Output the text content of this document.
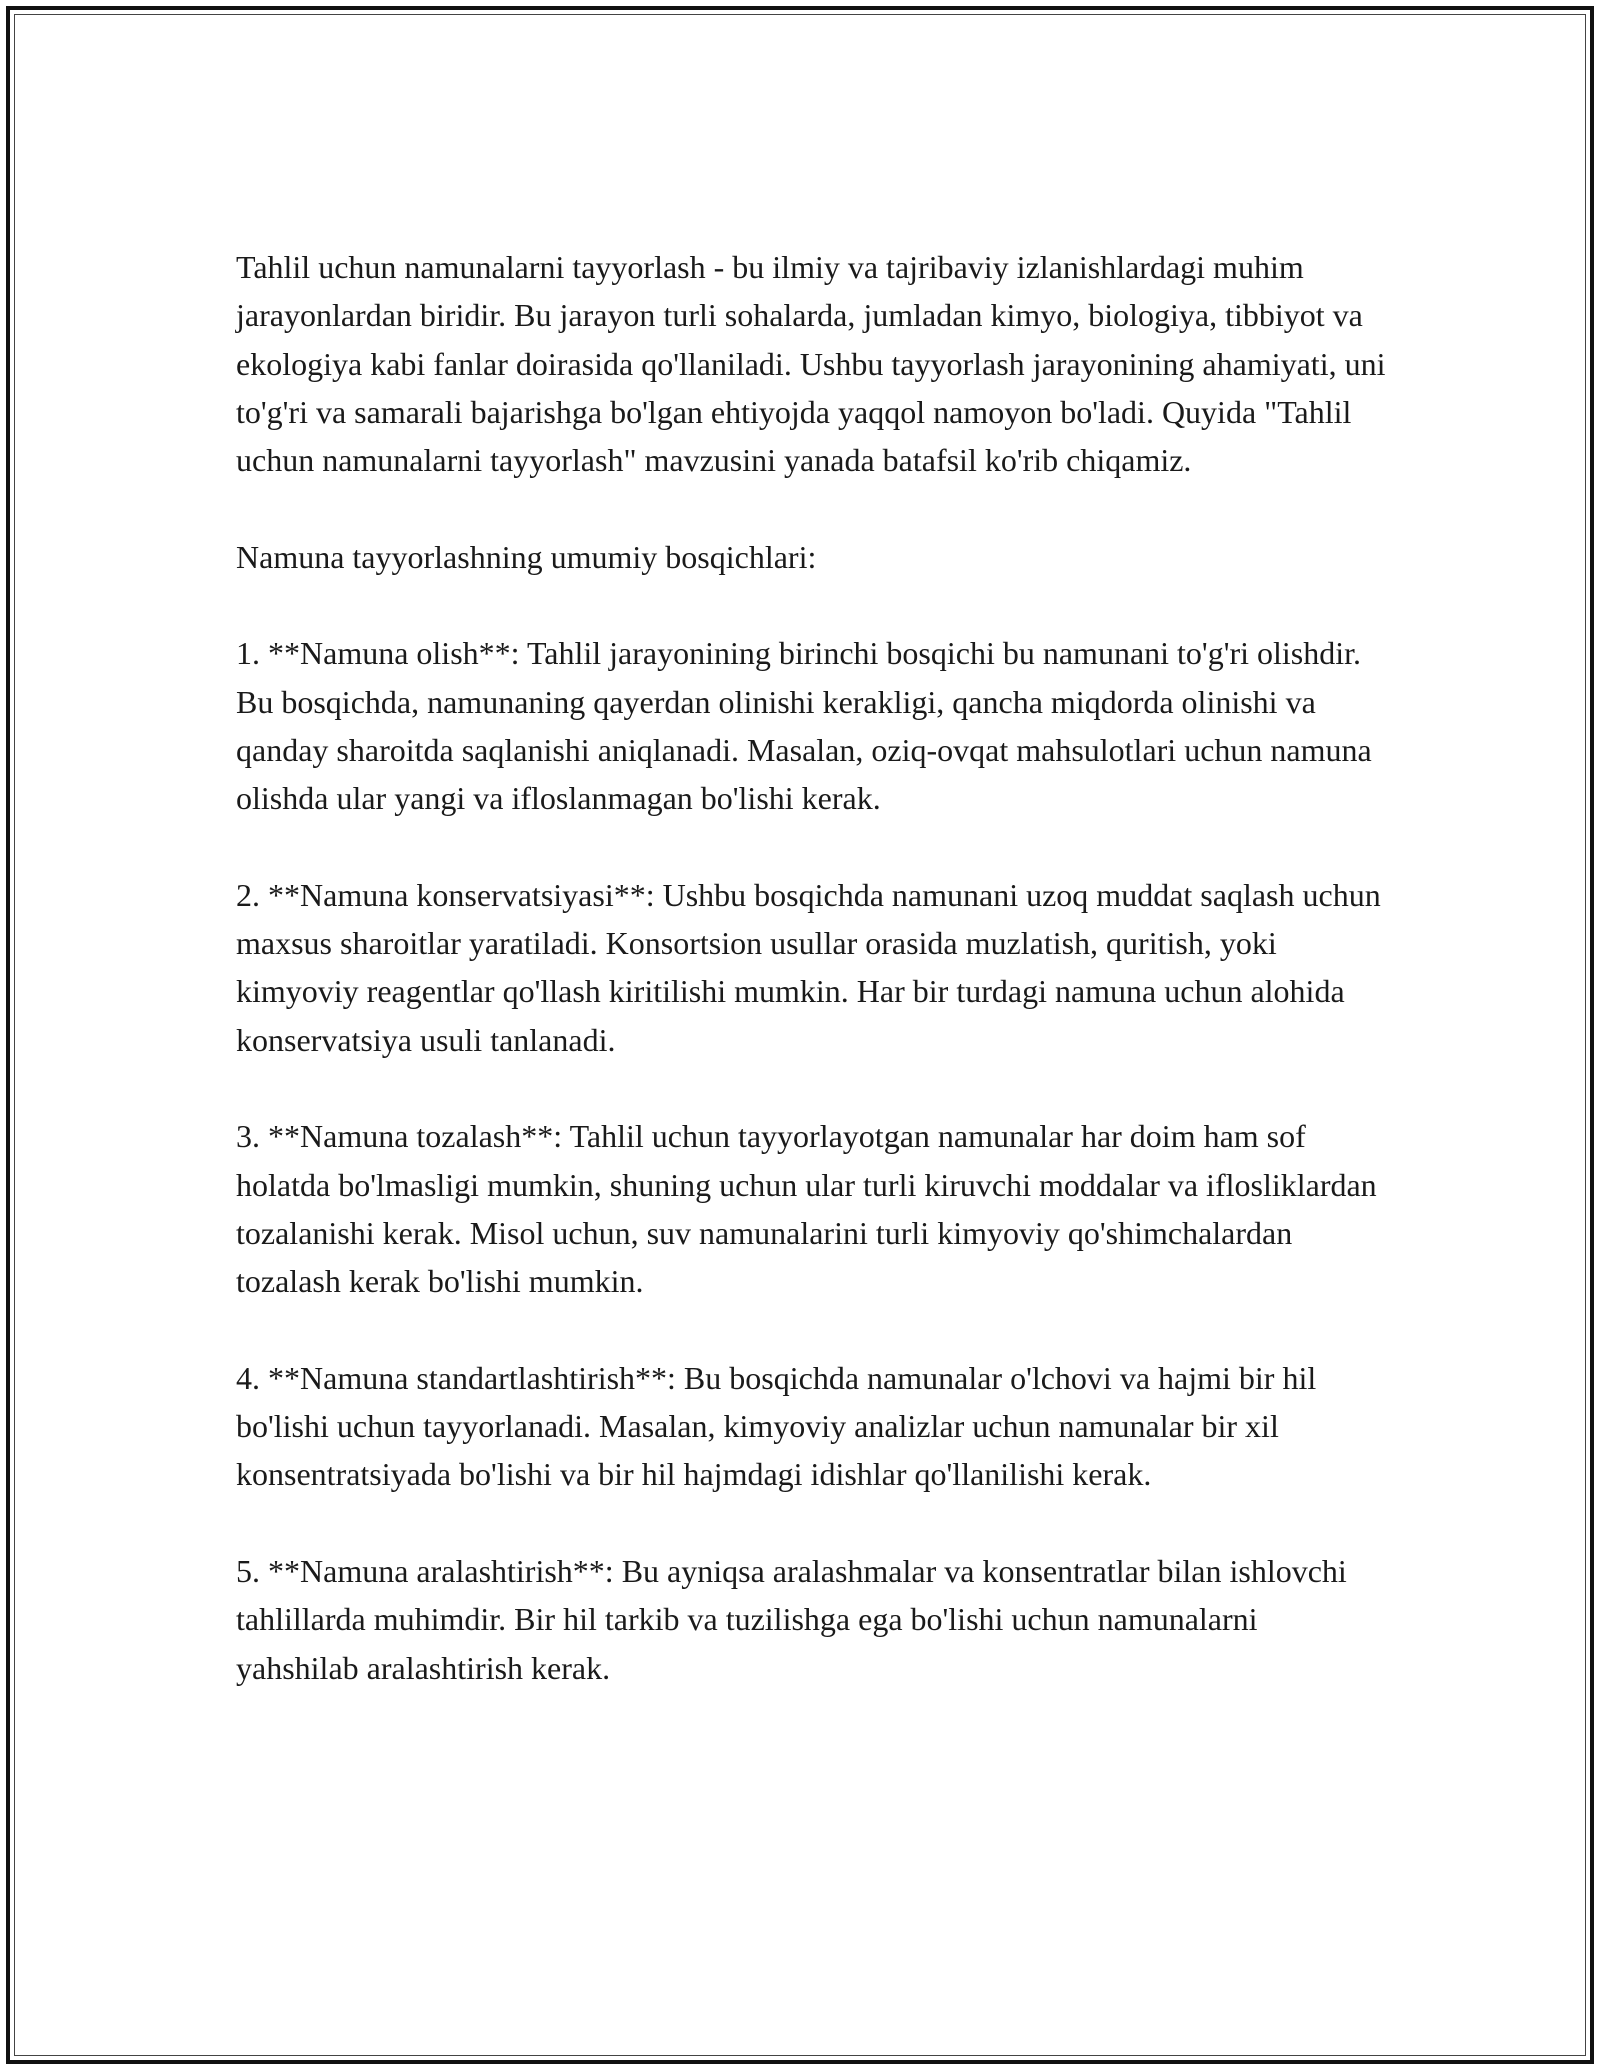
Tahlil uchun namunalarni tayyorlash - bu ilmiy va tajribaviy izlanishlardagi muhim jarayonlardan biridir. Bu jarayon turli sohalarda, jumladan kimyo, biologiya, tibbiyot va ekologiya kabi fanlar doirasida qo'llaniladi. Ushbu tayyorlash jarayonining ahamiyati, uni to'g'ri va samarali bajarishga bo'lgan ehtiyojda yaqqol namoyon bo'ladi. Quyida "Tahlil uchun namunalarni tayyorlash" mavzusini yanada batafsil ko'rib chiqamiz.

Namuna tayyorlashning umumiy bosqichlari:

1. **Namuna olish**: Tahlil jarayonining birinchi bosqichi bu namunani to'g'ri olishdir. Bu bosqichda, namunaning qayerdan olinishi kerakligi, qancha miqdorda olinishi va qanday sharoitda saqlanishi aniqlanadi. Masalan, oziq-ovqat mahsulotlari uchun namuna olishda ular yangi va ifloslanmagan bo'lishi kerak.

2. **Namuna konservatsiyasi**: Ushbu bosqichda namunani uzoq muddat saqlash uchun maxsus sharoitlar yaratiladi. Konsortsion usullar orasida muzlatish, quritish, yoki kimyoviy reagentlar qo'llash kiritilishi mumkin. Har bir turdagi namuna uchun alohida konservatsiya usuli tanlanadi.

3. **Namuna tozalash**: Tahlil uchun tayyorlayotgan namunalar har doim ham sof holatda bo'lmasligi mumkin, shuning uchun ular turli kiruvchi moddalar va iflosliklardan tozalanishi kerak. Misol uchun, suv namunalarini turli kimyoviy qo'shimchalardan tozalash kerak bo'lishi mumkin.

4. **Namuna standartlashtirish**: Bu bosqichda namunalar o'lchovi va hajmi bir hil bo'lishi uchun tayyorlanadi. Masalan, kimyoviy analizlar uchun namunalar bir xil konsentratsiyada bo'lishi va bir hil hajmdagi idishlar qo'llanilishi kerak.

5. **Namuna aralashtirish**: Bu ayniqsa aralashmalar va konsentratlar bilan ishlovchi tahlillarda muhimdir. Bir hil tarkib va tuzilishga ega bo'lishi uchun namunalarni yahshilab aralashtirish kerak.
